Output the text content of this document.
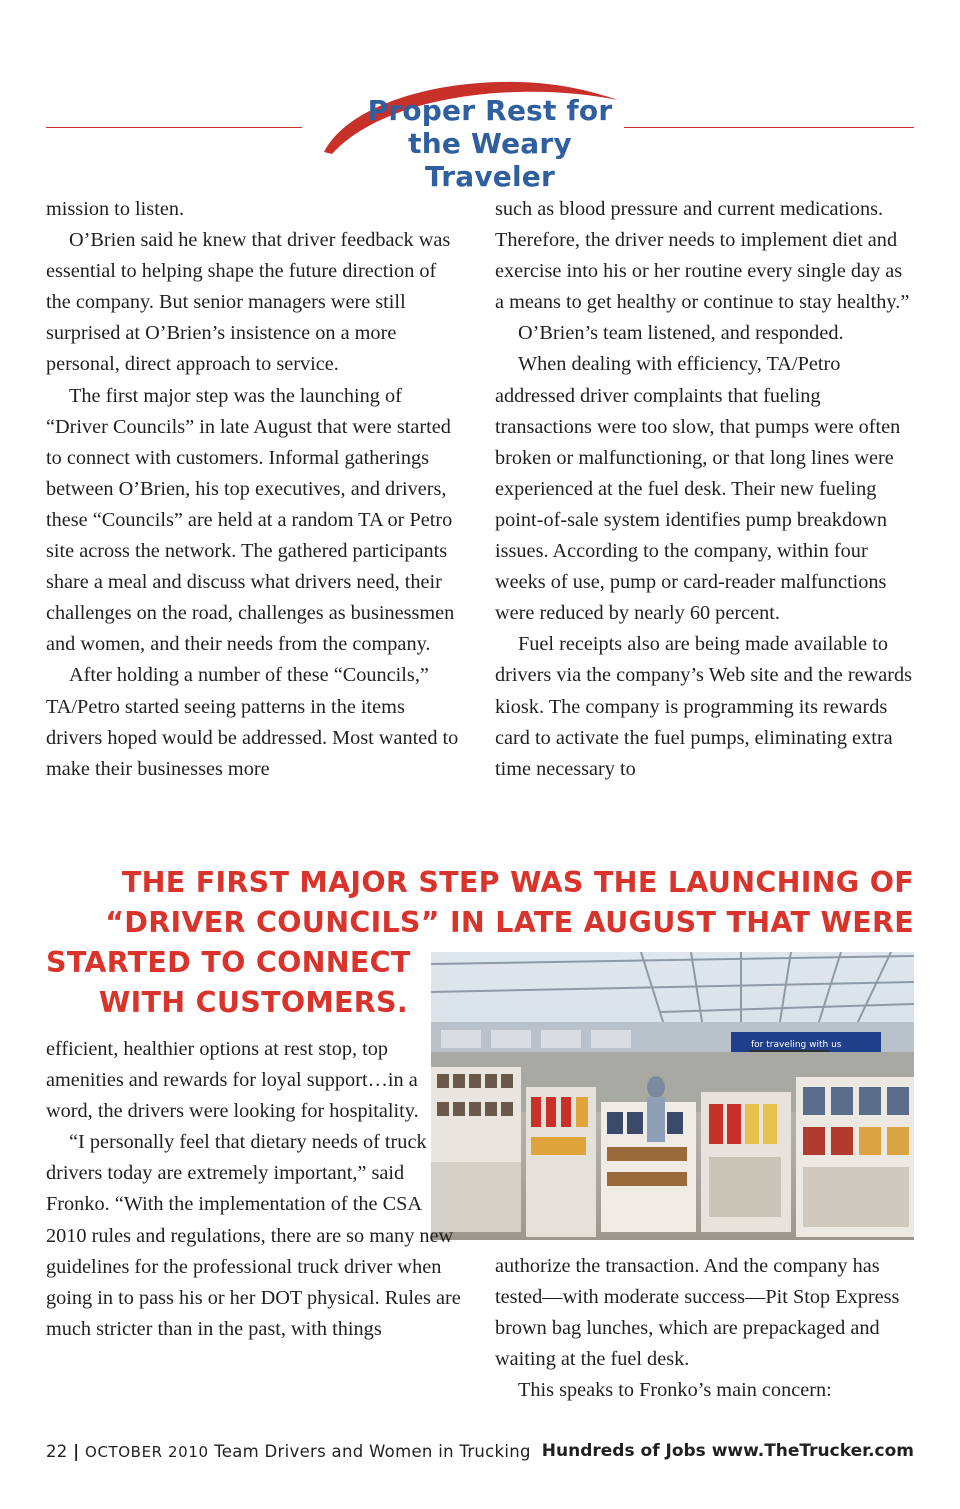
Proper Rest for
the Weary Traveler

mission to listen.

O’Brien said he knew that driver feedback was essential to helping shape the future direction of the company. But senior managers were still surprised at O’Brien’s insistence on a more personal, direct approach to service.

The first major step was the launching of “Driver Councils” in late August that were started to connect with customers. Informal gatherings between O’Brien, his top executives, and drivers, these “Councils” are held at a random TA or Petro site across the network. The gathered participants share a meal and discuss what drivers need, their challenges on the road, challenges as businessmen and women, and their needs from the company.

After holding a number of these “Councils,” TA/Petro started seeing patterns in the items drivers hoped would be addressed. Most wanted to make their businesses more

such as blood pressure and current medications. Therefore, the driver needs to implement diet and exercise into his or her routine every single day as a means to get healthy or continue to stay healthy.”

O’Brien’s team listened, and responded.

When dealing with efficiency, TA/Petro addressed driver complaints that fueling transactions were too slow, that pumps were often broken or malfunctioning, or that long lines were experienced at the fuel desk. Their new fueling point-of-sale system identifies pump breakdown issues. According to the company, within four weeks of use, pump or card-reader malfunctions were reduced by nearly 60 percent.

Fuel receipts also are being made available to drivers via the company’s Web site and the rewards kiosk. The company is programming its rewards card to activate the fuel pumps, eliminating extra time necessary to

THE FIRST MAJOR STEP WAS THE LAUNCHING OF
“DRIVER COUNCILS” IN LATE AUGUST THAT WERE
STARTED TO CONNECT
WITH CUSTOMERS.
for traveling with us

efficient, healthier options at rest stop, top amenities and rewards for loyal support…in a word, the drivers were looking for hospitality.

“I personally feel that dietary needs of truck drivers today are extremely important,” said Fronko. “With the implementation of the CSA 2010 rules and regulations, there are so many new guidelines for the professional truck driver when going in to pass his or her DOT physical. Rules are much stricter than in the past, with things

authorize the transaction. And the company has tested—with moderate success—Pit Stop Express brown bag lunches, which are prepackaged and waiting at the fuel desk.

This speaks to Fronko’s main concern:

22 | OCTOBER 2010 Team Drivers and Women in Trucking Hundreds of Jobs www.TheTrucker.com
